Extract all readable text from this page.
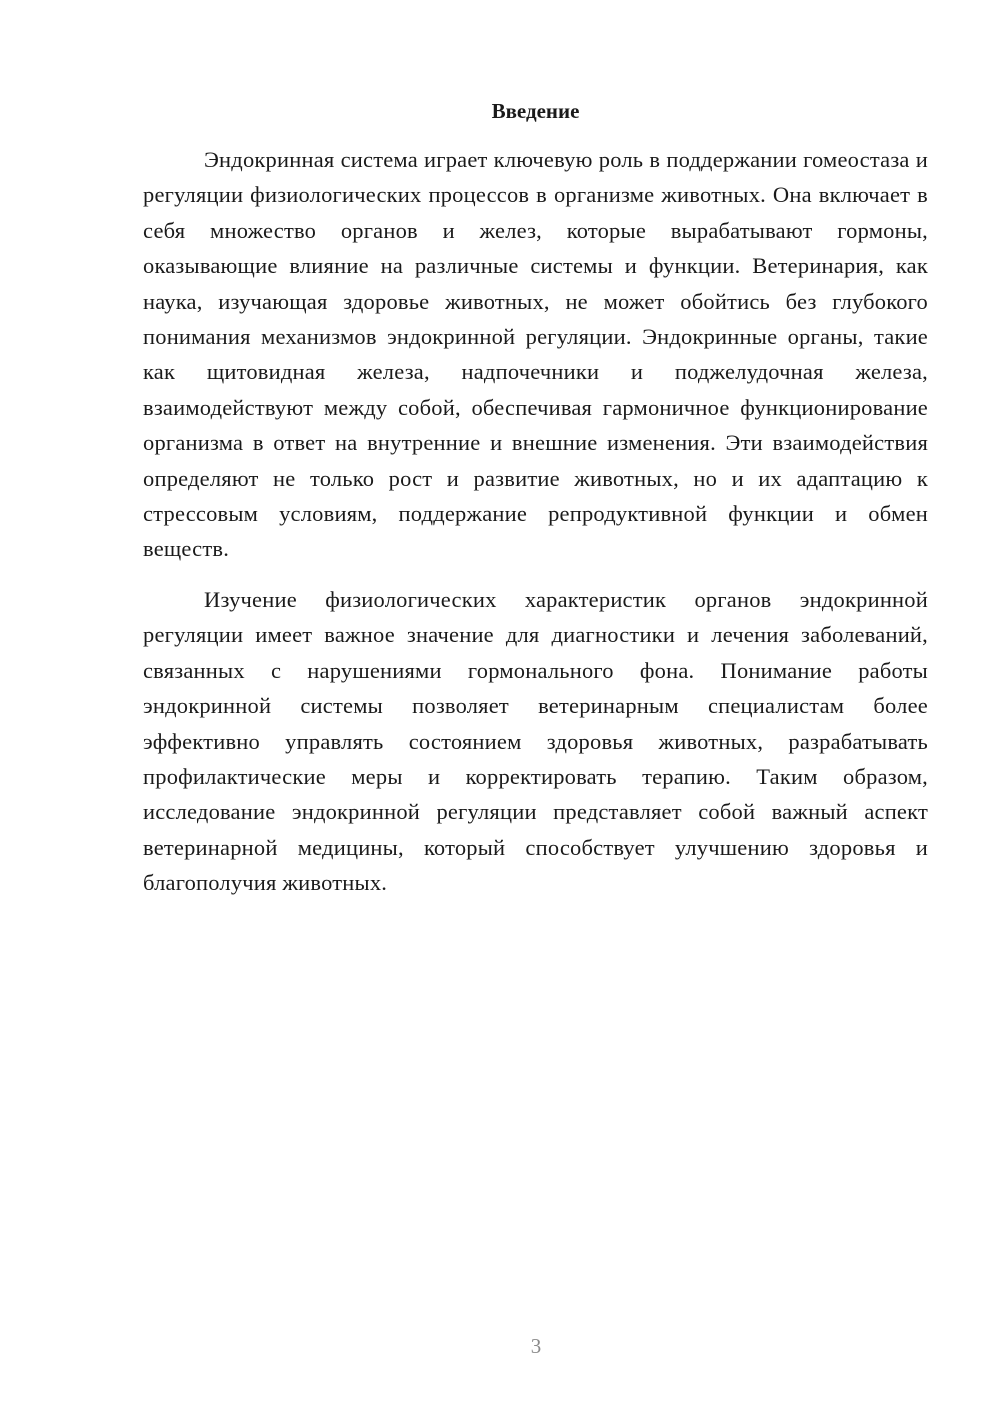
Введение

Эндокринная система играет ключевую роль в поддержании гомеостаза и регуляции физиологических процессов в организме животных. Она включает в себя множество органов и желез, которые вырабатывают гормоны, оказывающие влияние на различные системы и функции. Ветеринария, как наука, изучающая здоровье животных, не может обойтись без глубокого понимания механизмов эндокринной регуляции. Эндокринные органы, такие как щитовидная железа, надпочечники и поджелудочная железа, взаимодействуют между собой, обеспечивая гармоничное функционирование организма в ответ на внутренние и внешние изменения. Эти взаимодействия определяют не только рост и развитие животных, но и их адаптацию к стрессовым условиям, поддержание репродуктивной функции и обмен веществ.

Изучение физиологических характеристик органов эндокринной регуляции имеет важное значение для диагностики и лечения заболеваний, связанных с нарушениями гормонального фона. Понимание работы эндокринной системы позволяет ветеринарным специалистам более эффективно управлять состоянием здоровья животных, разрабатывать профилактические меры и корректировать терапию. Таким образом, исследование эндокринной регуляции представляет собой важный аспект ветеринарной медицины, который способствует улучшению здоровья и благополучия животных.

3
